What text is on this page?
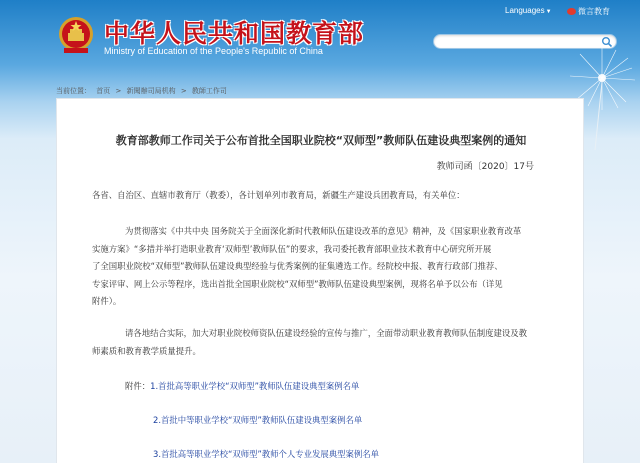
中华人民共和国教育部
Ministry of Education of the People's Republic of China
Languages▼	微言教育
当前位置： 首页 > 新聞辦司局机构 > 教師工作司
教育部教师工作司关于公布首批全国职业院校“双师型”教师队伍建设典型案例的通知
教师司函〔2020〕17号
各省、自治区、直辖市教育厅（教委），各计划单列市教育局，新疆生产建设兵团教育局，有关单位：
为贯彻落实《中共中央 国务院关于全面深化新时代教师队伍建设改革的意见》精神，及《国家职业教育改革
实施方案》“多措并举打造职业教育‘双师型’教师队伍”的要求，我司委托教育部职业技术教育中心研究所开展
了全国职业院校“双师型”教师队伍建设典型经验与优秀案例的征集遴选工作。经院校申报、教育行政部门推荐、
专家评审、网上公示等程序，选出首批全国职业院校“双师型”教师队伍建设典型案例，现将名单予以公布（详见
附件）。
请各地结合实际，加大对职业院校师资队伍建设经验的宣传与推广，全面带动职业教育教师队伍制度建设及教
师素质和教育教学质量提升。
附件：1.首批高等职业学校“双师型”教师队伍建设典型案例名单
2.首批中等职业学校“双师型”教师队伍建设典型案例名单
3.首批高等职业学校“双师型”教师个人专业发展典型案例名单
